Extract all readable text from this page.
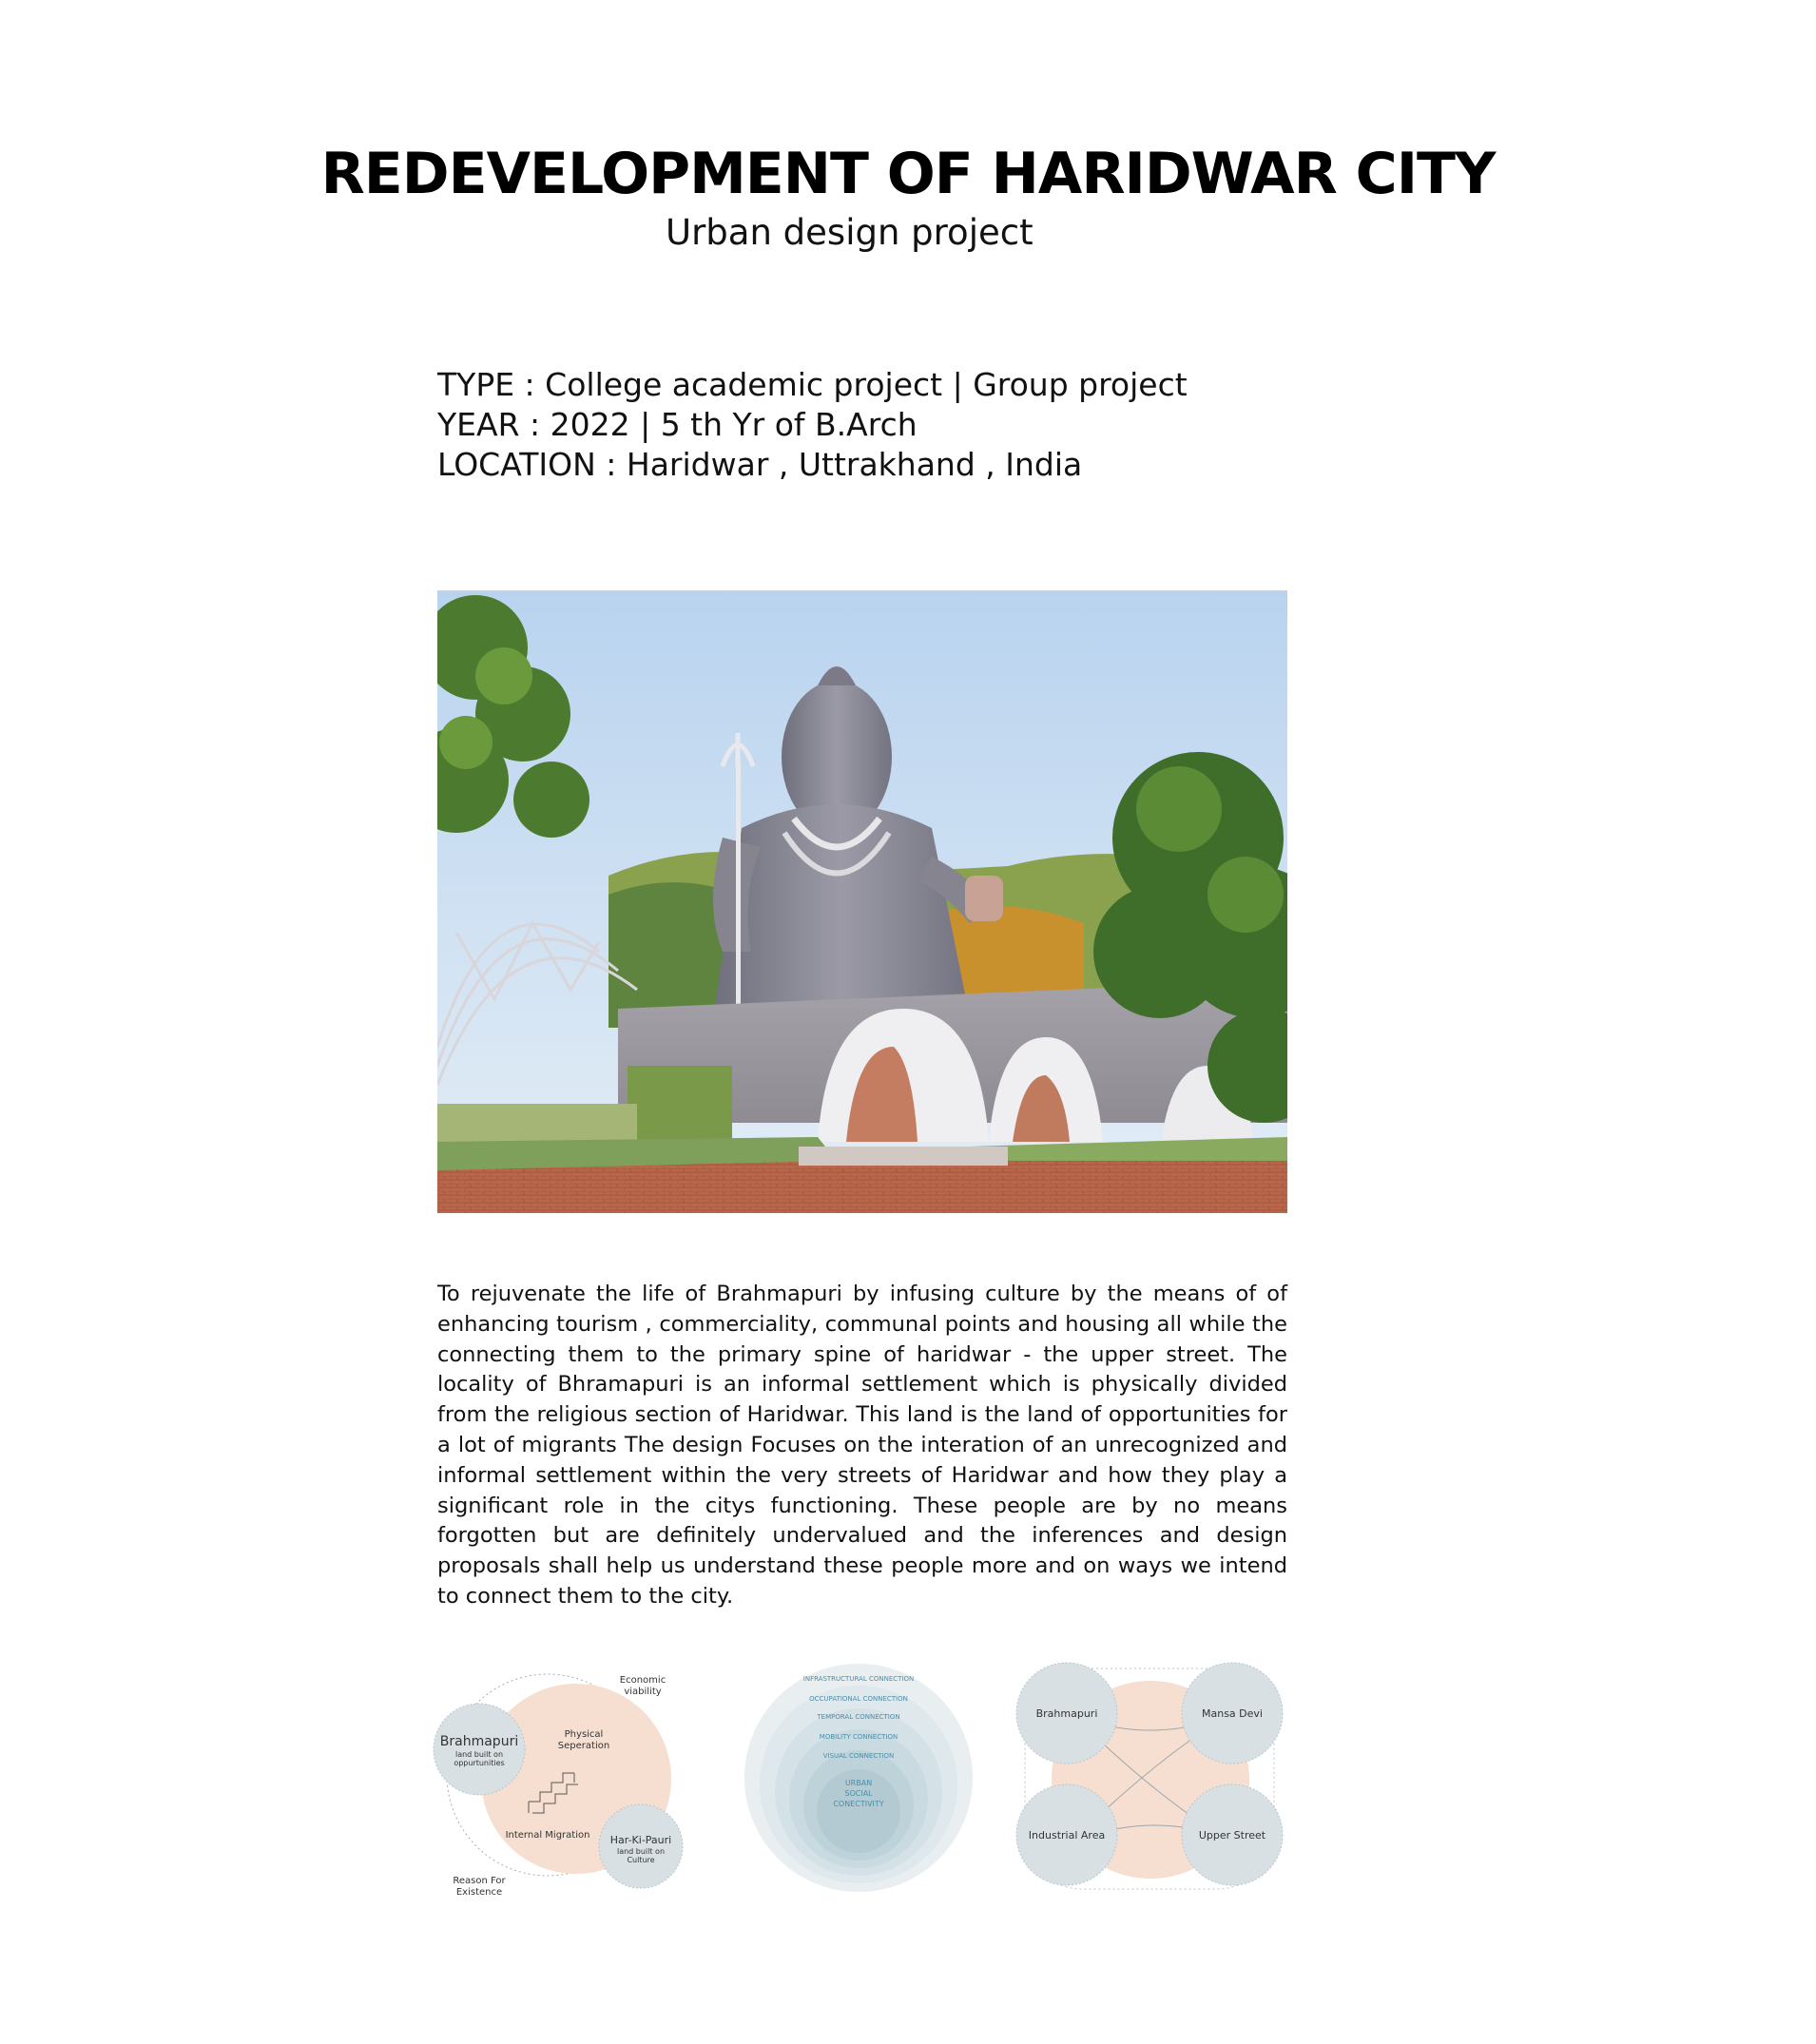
REDEVELOPMENT OF HARIDWAR CITY
Urban design project
TYPE : College academic project | Group project
YEAR : 2022 | 5 th Yr of B.Arch
LOCATION : Haridwar , Uttrakhand , India

To rejuvenate the life of Brahmapuri by infusing culture by the means of of enhancing tourism , commerciality, communal points and housing all while the connecting them to the primary spine of haridwar - the upper street. The locality of Bhramapuri is an informal settlement which is physically divided from the religious section of Haridwar. This land is the land of opportunities for a lot of migrants The design Focuses on the interation of an unrecognized and informal settlement within the very streets of Haridwar and how they play a significant role in the citys functioning. These people are by no means forgotten but are definitely undervalued and the inferences and design proposals shall help us understand these people more and on ways we intend to connect them to the city.

Economic
viability
Brahmapuri
land built on
oppurtunities
Physical
Seperation
Internal Migration Har-Ki-Pauri
land built on
Culture
Reason For
Existence
INFRASTRUCTURAL CONNECTION
OCCUPATIONAL CONNECTION
TEMPORAL CONNECTION
MOBILITY CONNECTION
VISUAL CONNECTION
URBAN
SOCIAL
CONECTIVITY
Brahmapuri	Mansa Devi
Industrial Area	Upper Street
